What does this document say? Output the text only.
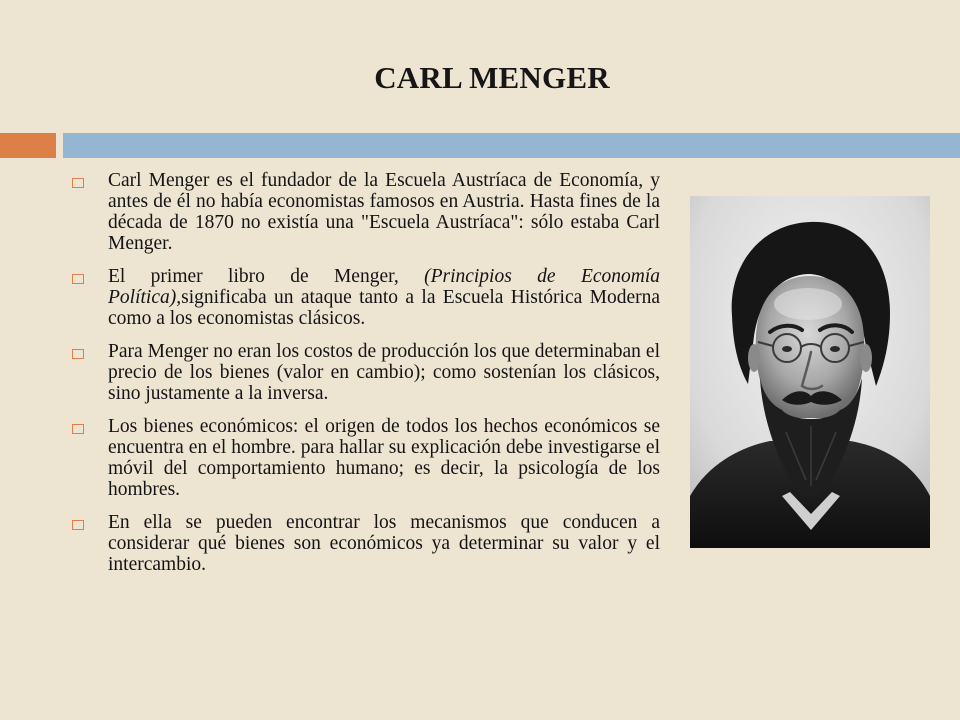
CARL MENGER
Carl Menger es el fundador de la Escuela Austríaca de Economía, y antes de él no había economistas famosos en Austria. Hasta fines de la década de 1870 no existía una "Escuela Austríaca": sólo estaba Carl Menger.
El primer libro de Menger, (Principios de Economía Política),significaba un ataque tanto a la Escuela Histórica Moderna como a los economistas clásicos.
Para Menger no eran los costos de producción los que determinaban el precio de los bienes (valor en cambio); como sostenían los clásicos, sino justamente a la inversa.
Los bienes económicos: el origen de todos los hechos económicos se encuentra en el hombre. para hallar su explicación debe investigarse el móvil del comportamiento humano; es decir, la psicología de los hombres.
En ella se pueden encontrar los mecanismos que conducen a considerar qué bienes son económicos ya determinar su valor y el intercambio.
